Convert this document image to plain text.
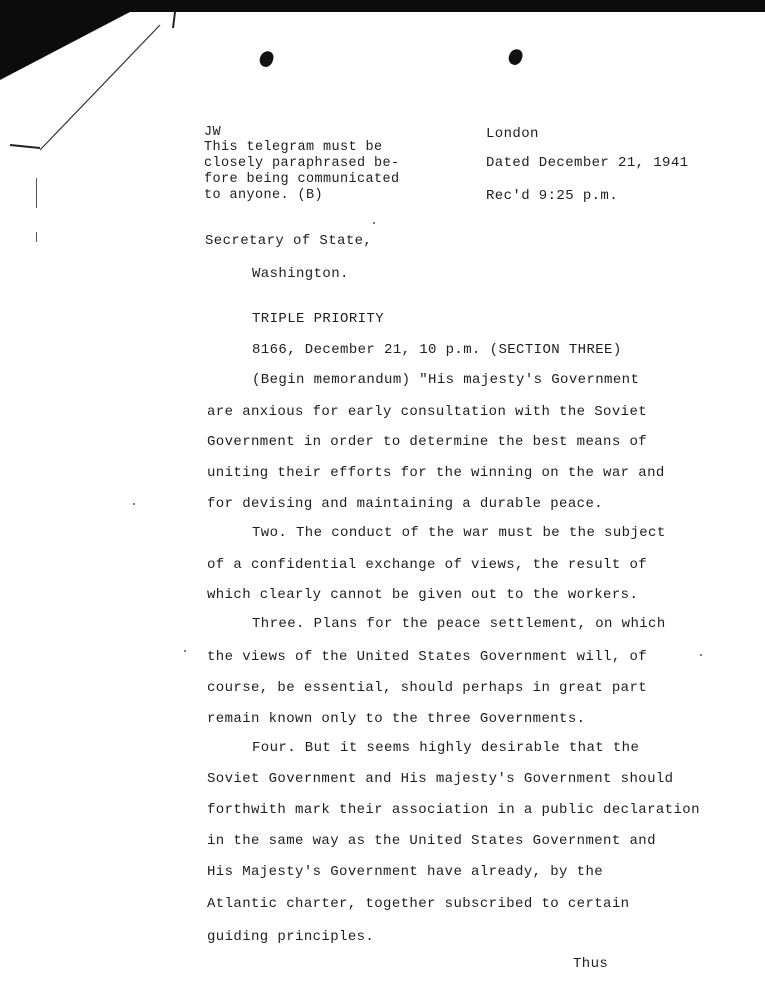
JW
This telegram must be
closely paraphrased be-
fore being communicated
to anyone. (B)
London
Dated December 21, 1941
Rec'd 9:25 p.m.
Secretary of State,
Washington.
TRIPLE PRIORITY
8166, December 21, 10 p.m. (SECTION THREE)
(Begin memorandum) "His majesty's Government
are anxious for early consultation with the Soviet
Government in order to determine the best means of
uniting their efforts for the winning on the war and
for devising and maintaining a durable peace.
Two. The conduct of the war must be the subject
of a confidential exchange of views, the result of
which clearly cannot be given out to the workers.
Three. Plans for the peace settlement, on which
the views of the United States Government will, of
course, be essential, should perhaps in great part
remain known only to the three Governments.
Four. But it seems highly desirable that the
Soviet Government and His majesty's Government should
forthwith mark their association in a public declaration
in the same way as the United States Government and
His Majesty's Government have already, by the
Atlantic charter, together subscribed to certain
guiding principles.
Thus
